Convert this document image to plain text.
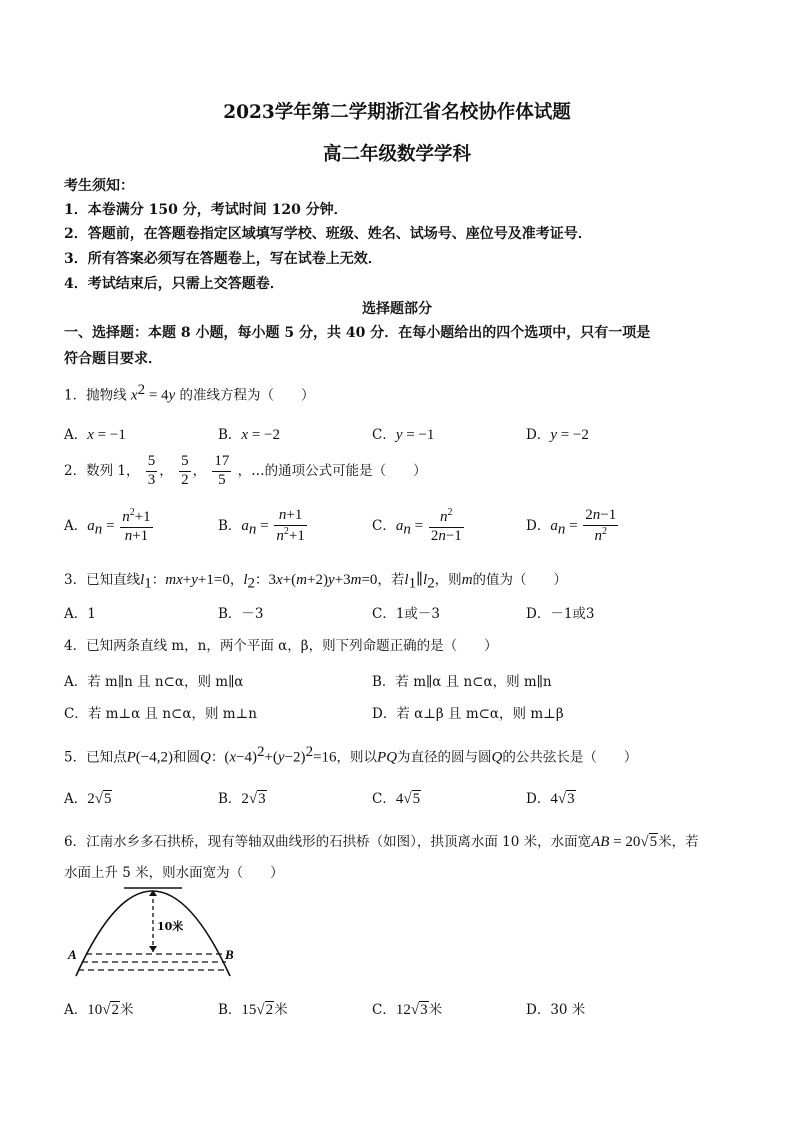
2023学年第二学期浙江省名校协作体试题
高二年级数学学科
考生须知：
1．本卷满分 150 分，考试时间 120 分钟．
2．答题前，在答题卷指定区域填写学校、班级、姓名、试场号、座位号及准考证号．
3．所有答案必须写在答题卷上，写在试卷上无效．
4．考试结束后，只需上交答题卷．
选择题部分
一、选择题：本题 8 小题，每小题 5 分，共 40 分．在每小题给出的四个选项中，只有一项是
符合题目要求．
1．抛物线 $x^2 = 4y$ 的准线方程为（　　）
A．x = −1	B．x = −2	C．y = −1	D．y = −2
2．数列 1， $\frac{5}{3}$ ， $\frac{5}{2}$ ， $\frac{17}{5}$ ，…的通项公式可能是（　　）
A．$a_n = \frac{n^2+1}{n+1}$	B．$a_n = \frac{n+1}{n^2+1}$	C．$a_n = \frac{n^2}{2n-1}$	D．$a_n = \frac{2n-1}{n^2}$
3．已知直线$l_1$：mx+y+1=0，$l_2$：3x+(m+2)y+3m=0，若$l_1\parallel l_2$，则m的值为（　　）
A．1	B．－3	C．1或－3	D．－1或3
4．已知两条直线 m，n，两个平面 α，β，则下列命题正确的是（　　）
A．若 m∥n 且 n⊂α，则 m∥α	B．若 m∥α 且 n⊂α，则 m∥n
C．若 m⊥α 且 n⊂α，则 m⊥n	D．若 α⊥β 且 m⊂α，则 m⊥β
5．已知点P(−4,2)和圆Q：$(x-4)^2+(y-2)^2=16$，则以PQ为直径的圆与圆Q的公共弦长是（　　）
A．2√5	B．2√3	C．4√5	D．4√3
6．江南水乡多石拱桥，现有等轴双曲线形的石拱桥（如图），拱顶离水面 10 米，水面宽AB = 20√5米，若
水面上升 5 米，则水面宽为（　　）
10米
A	B
A．10√2米	B．15√2米	C．12√3米	D．30 米
